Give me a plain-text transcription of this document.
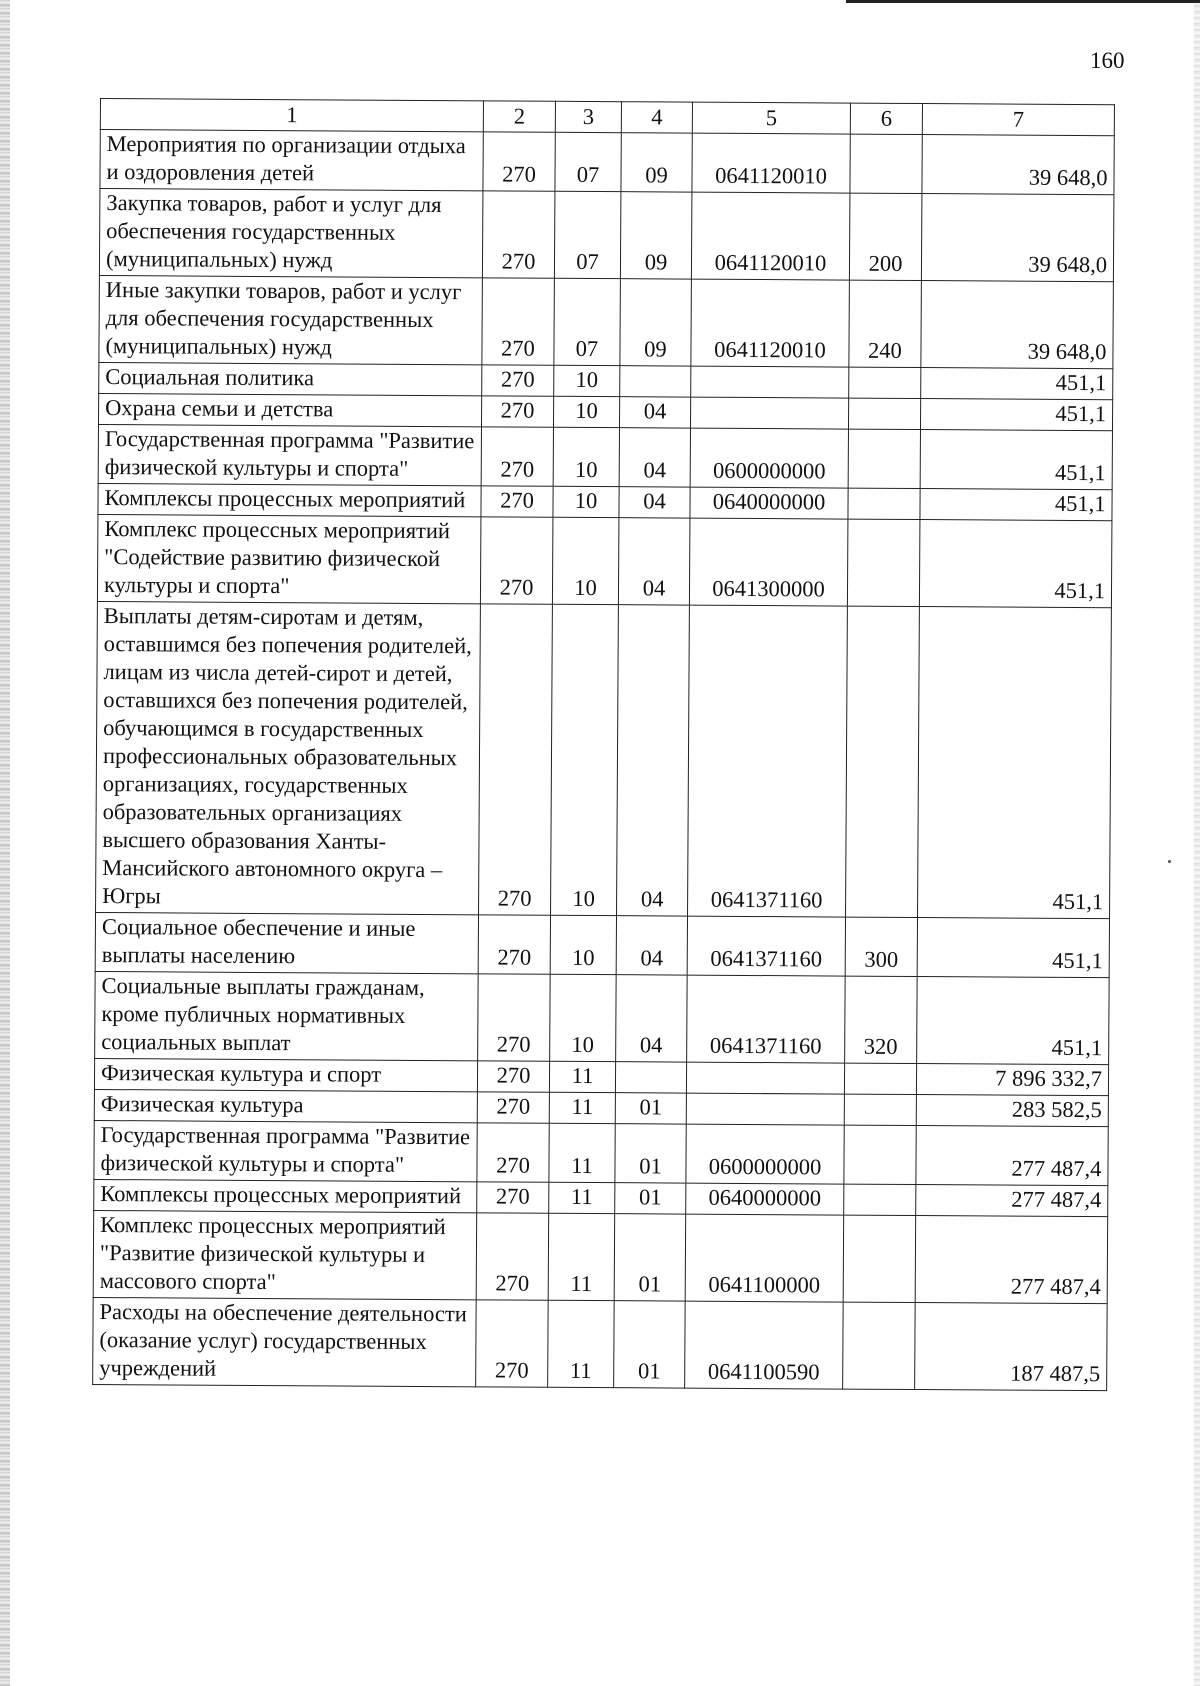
160
1	2	3	4	5	6	7
Мероприятия по организации отдыха и оздоровления детей	270	07	09	0641120010		39 648,0
Закупка товаров, работ и услуг для обеспечения государственных (муниципальных) нужд	270	07	09	0641120010	200	39 648,0
Иные закупки товаров, работ и услуг для обеспечения государственных (муниципальных) нужд	270	07	09	0641120010	240	39 648,0
Социальная политика	270	10				451,1
Охрана семьи и детства	270	10	04			451,1
Государственная программа "Развитие физической культуры и спорта"	270	10	04	0600000000		451,1
Комплексы процессных мероприятий	270	10	04	0640000000		451,1
Комплекс процессных мероприятий "Содействие развитию физической культуры и спорта"	270	10	04	0641300000		451,1
Выплаты детям-сиротам и детям, оставшимся без попечения родителей, лицам из числа детей-сирот и детей, оставшихся без попечения родителей, обучающимся в государственных профессиональных образовательных организациях, государственных образовательных организациях высшего образования Ханты-Мансийского автономного округа – Югры	270	10	04	0641371160		451,1
Социальное обеспечение и иные выплаты населению	270	10	04	0641371160	300	451,1
Социальные выплаты гражданам, кроме публичных нормативных социальных выплат	270	10	04	0641371160	320	451,1
Физическая культура и спорт	270	11				7 896 332,7
Физическая культура	270	11	01			283 582,5
Государственная программа "Развитие физической культуры и спорта"	270	11	01	0600000000		277 487,4
Комплексы процессных мероприятий	270	11	01	0640000000		277 487,4
Комплекс процессных мероприятий "Развитие физической культуры и массового спорта"	270	11	01	0641100000		277 487,4
Расходы на обеспечение деятельности (оказание услуг) государственных учреждений	270	11	01	0641100590		187 487,5
